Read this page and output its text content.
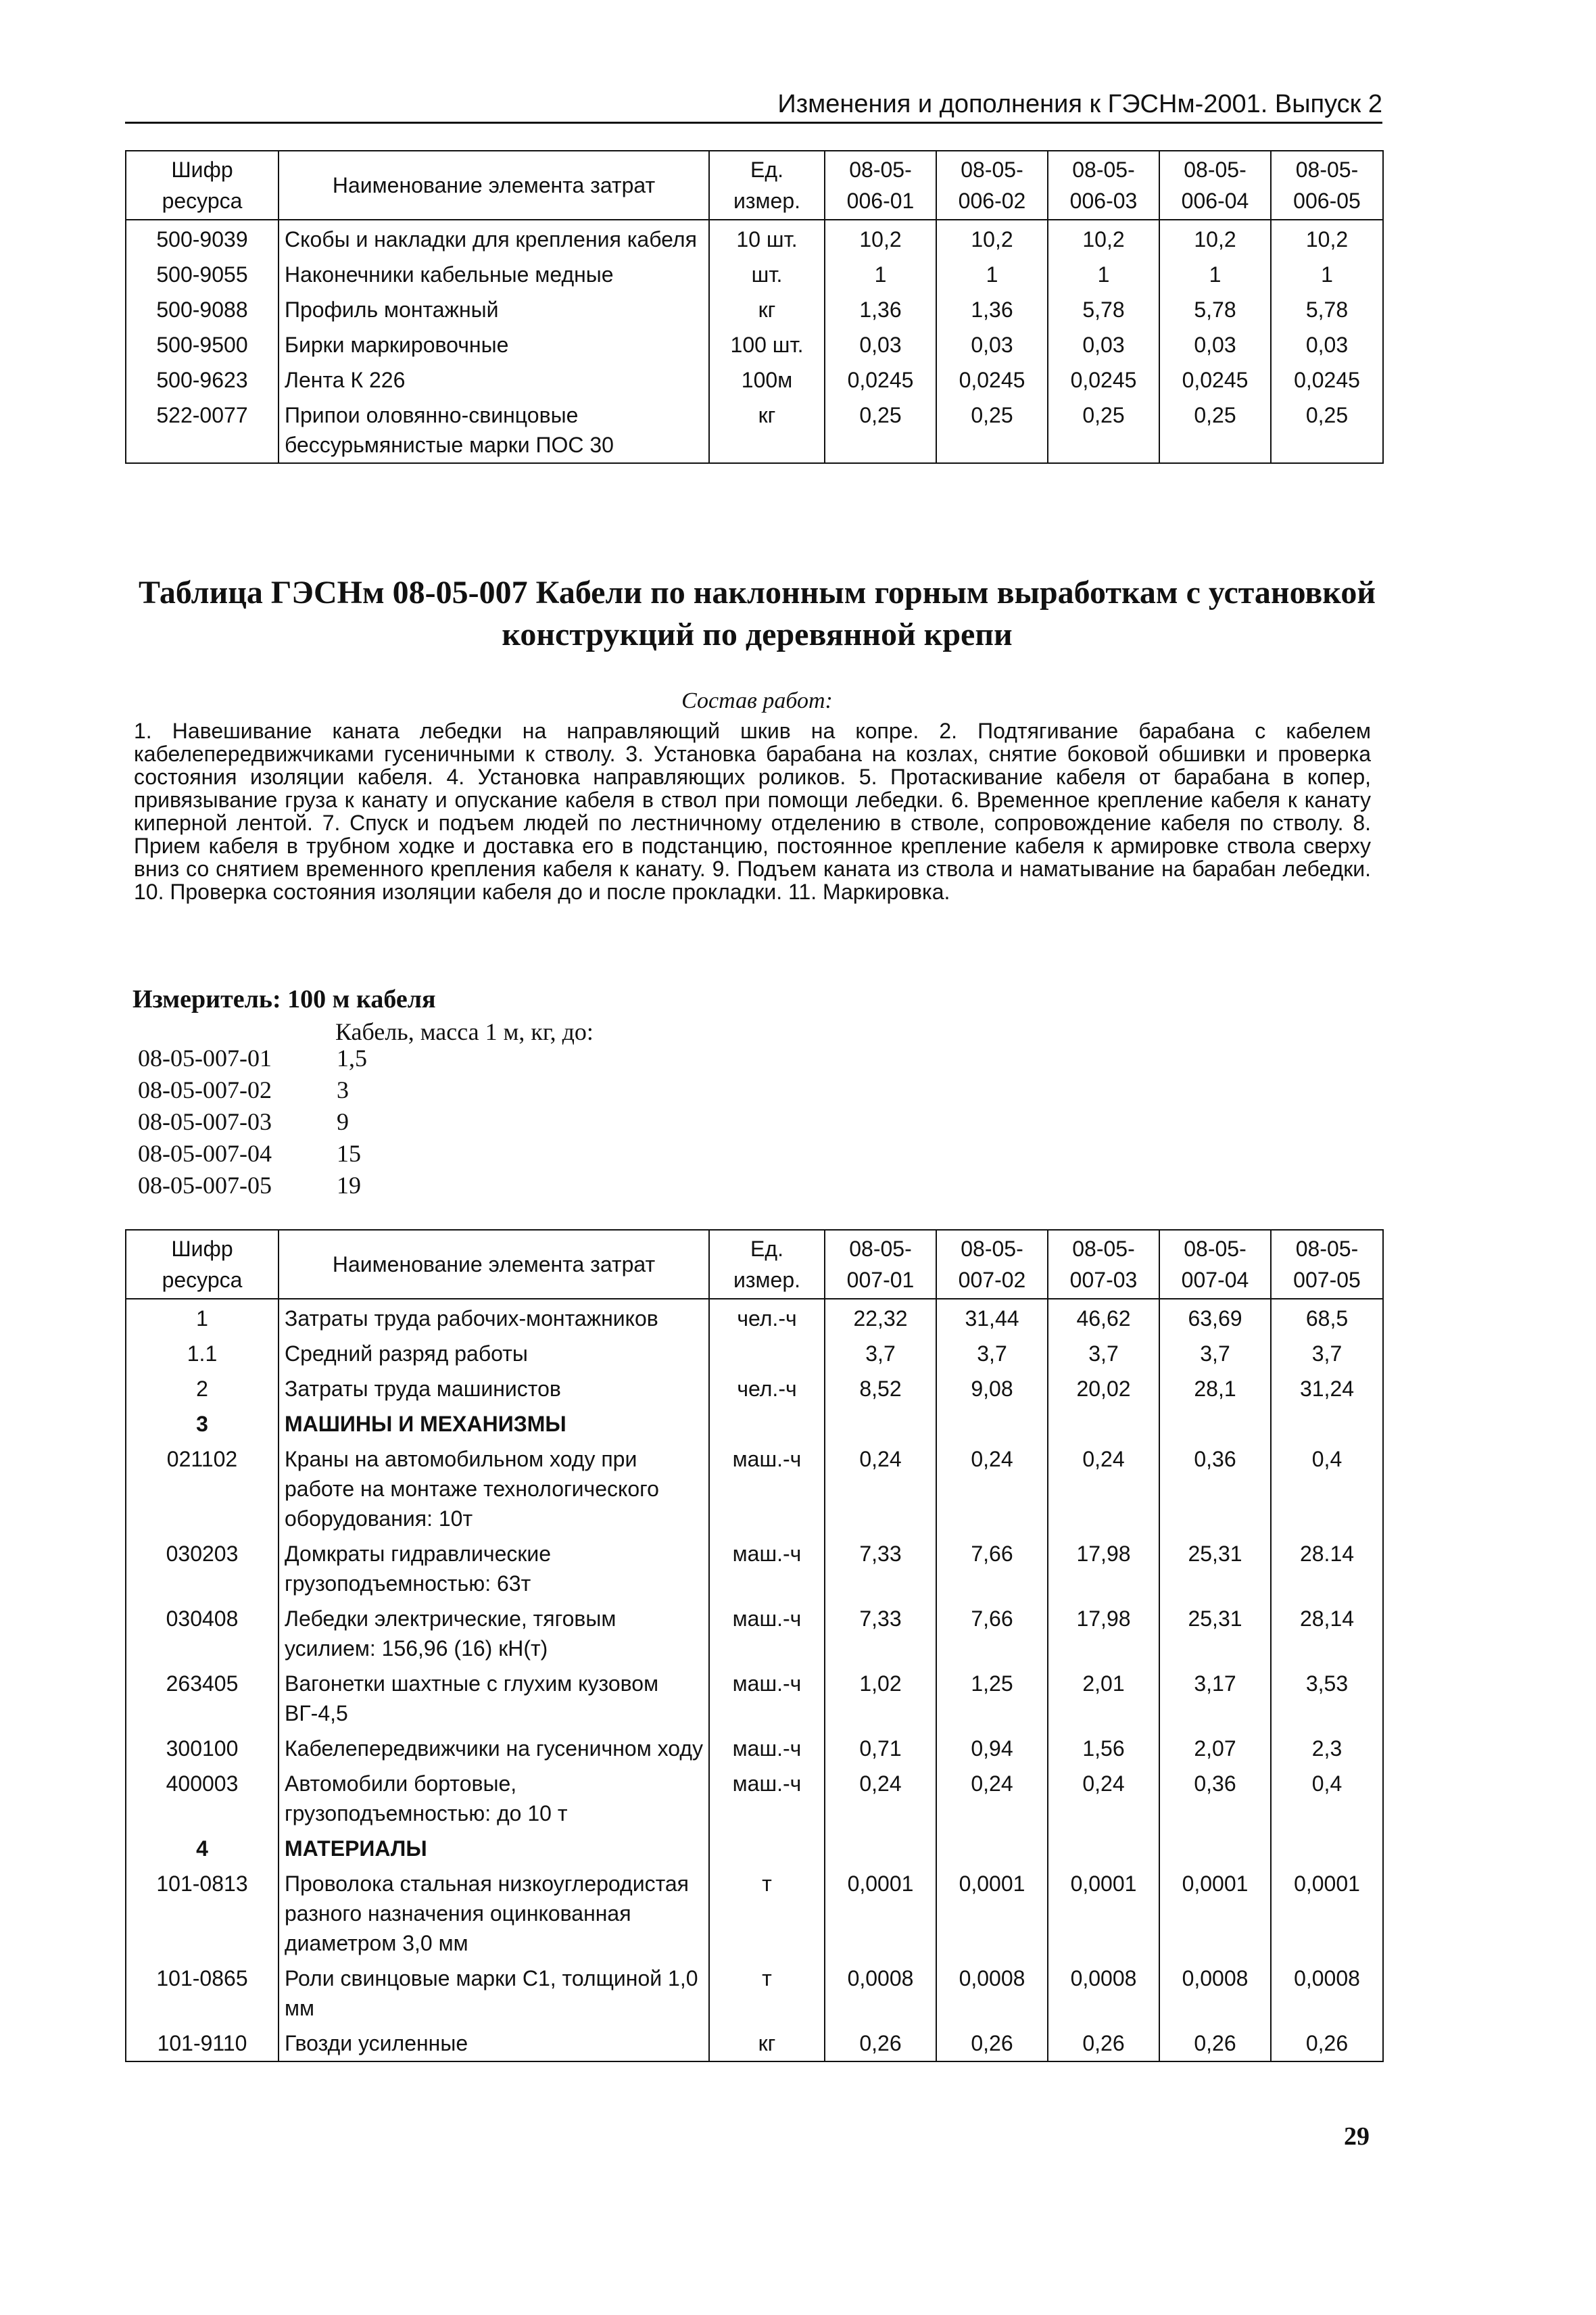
Изменения и дополнения к ГЭСНм-2001. Выпуск 2
Шифр ресурса	Наименование элемента затрат	Ед. измер.	08-05-006-01	08-05-006-02	08-05-006-03	08-05-006-04	08-05-006-05
500-9039	Скобы и накладки для крепления кабеля	10 шт.	10,2	10,2	10,2	10,2	10,2
500-9055	Наконечники кабельные медные	шт.	1	1	1	1	1
500-9088	Профиль монтажный	кг	1,36	1,36	5,78	5,78	5,78
500-9500	Бирки маркировочные	100 шт.	0,03	0,03	0,03	0,03	0,03
500-9623	Лента К 226	100м	0,0245	0,0245	0,0245	0,0245	0,0245
522-0077	Припои оловянно-свинцовые бессурьмянистые марки ПОС 30	кг	0,25	0,25	0,25	0,25	0,25
Таблица ГЭСНм 08-05-007 Кабели по наклонным горным выработкам с установкой конструкций по деревянной крепи
Состав работ:
1. Навешивание каната лебедки на направляющий шкив на копре. 2. Подтягивание барабана с кабелем кабелепередвижчиками гусеничными к стволу. 3. Установка барабана на козлах, снятие боковой обшивки и проверка состояния изоляции кабеля. 4. Установка направляющих роликов. 5. Протаскивание кабеля от барабана в копер, привязывание груза к канату и опускание кабеля в ствол при помощи лебедки. 6. Временное крепление кабеля к канату киперной лентой. 7. Спуск и подъем людей по лестничному отделению в стволе, сопровождение кабеля по стволу. 8. Прием кабеля в трубном ходке и доставка его в подстанцию, постоянное крепление кабеля к армировке ствола сверху вниз со снятием временного крепления кабеля к канату. 9. Подъем каната из ствола и наматывание на барабан лебедки. 10. Проверка состояния изоляции кабеля до и после прокладки. 11. Маркировка.
Измеритель: 100 м кабеля
Кабель, масса 1 м, кг, до:
08-05-007-01	1,5
08-05-007-02	3
08-05-007-03	9
08-05-007-04	15
08-05-007-05	19
Шифр ресурса	Наименование элемента затрат	Ед. измер.	08-05-007-01	08-05-007-02	08-05-007-03	08-05-007-04	08-05-007-05
1	Затраты труда рабочих-монтажников	чел.-ч	22,32	31,44	46,62	63,69	68,5
1.1	Средний разряд работы		3,7	3,7	3,7	3,7	3,7
2	Затраты труда машинистов	чел.-ч	8,52	9,08	20,02	28,1	31,24
3	МАШИНЫ И МЕХАНИЗМЫ						
021102	Краны на автомобильном ходу при работе на монтаже технологического оборудования: 10т	маш.-ч	0,24	0,24	0,24	0,36	0,4
030203	Домкраты гидравлические грузоподъемностью: 63т	маш.-ч	7,33	7,66	17,98	25,31	28.14
030408	Лебедки электрические, тяговым усилием: 156,96 (16) кН(т)	маш.-ч	7,33	7,66	17,98	25,31	28,14
263405	Вагонетки шахтные с глухим кузовом ВГ-4,5	маш.-ч	1,02	1,25	2,01	3,17	3,53
300100	Кабелепередвижчики на гусеничном ходу	маш.-ч	0,71	0,94	1,56	2,07	2,3
400003	Автомобили бортовые, грузоподъемностью: до 10 т	маш.-ч	0,24	0,24	0,24	0,36	0,4
4	МАТЕРИАЛЫ						
101-0813	Проволока стальная низкоуглеродистая разного назначения оцинкованная диаметром 3,0 мм	т	0,0001	0,0001	0,0001	0,0001	0,0001
101-0865	Роли свинцовые марки С1, толщиной 1,0 мм	т	0,0008	0,0008	0,0008	0,0008	0,0008
101-9110	Гвозди усиленные	кг	0,26	0,26	0,26	0,26	0,26
29
